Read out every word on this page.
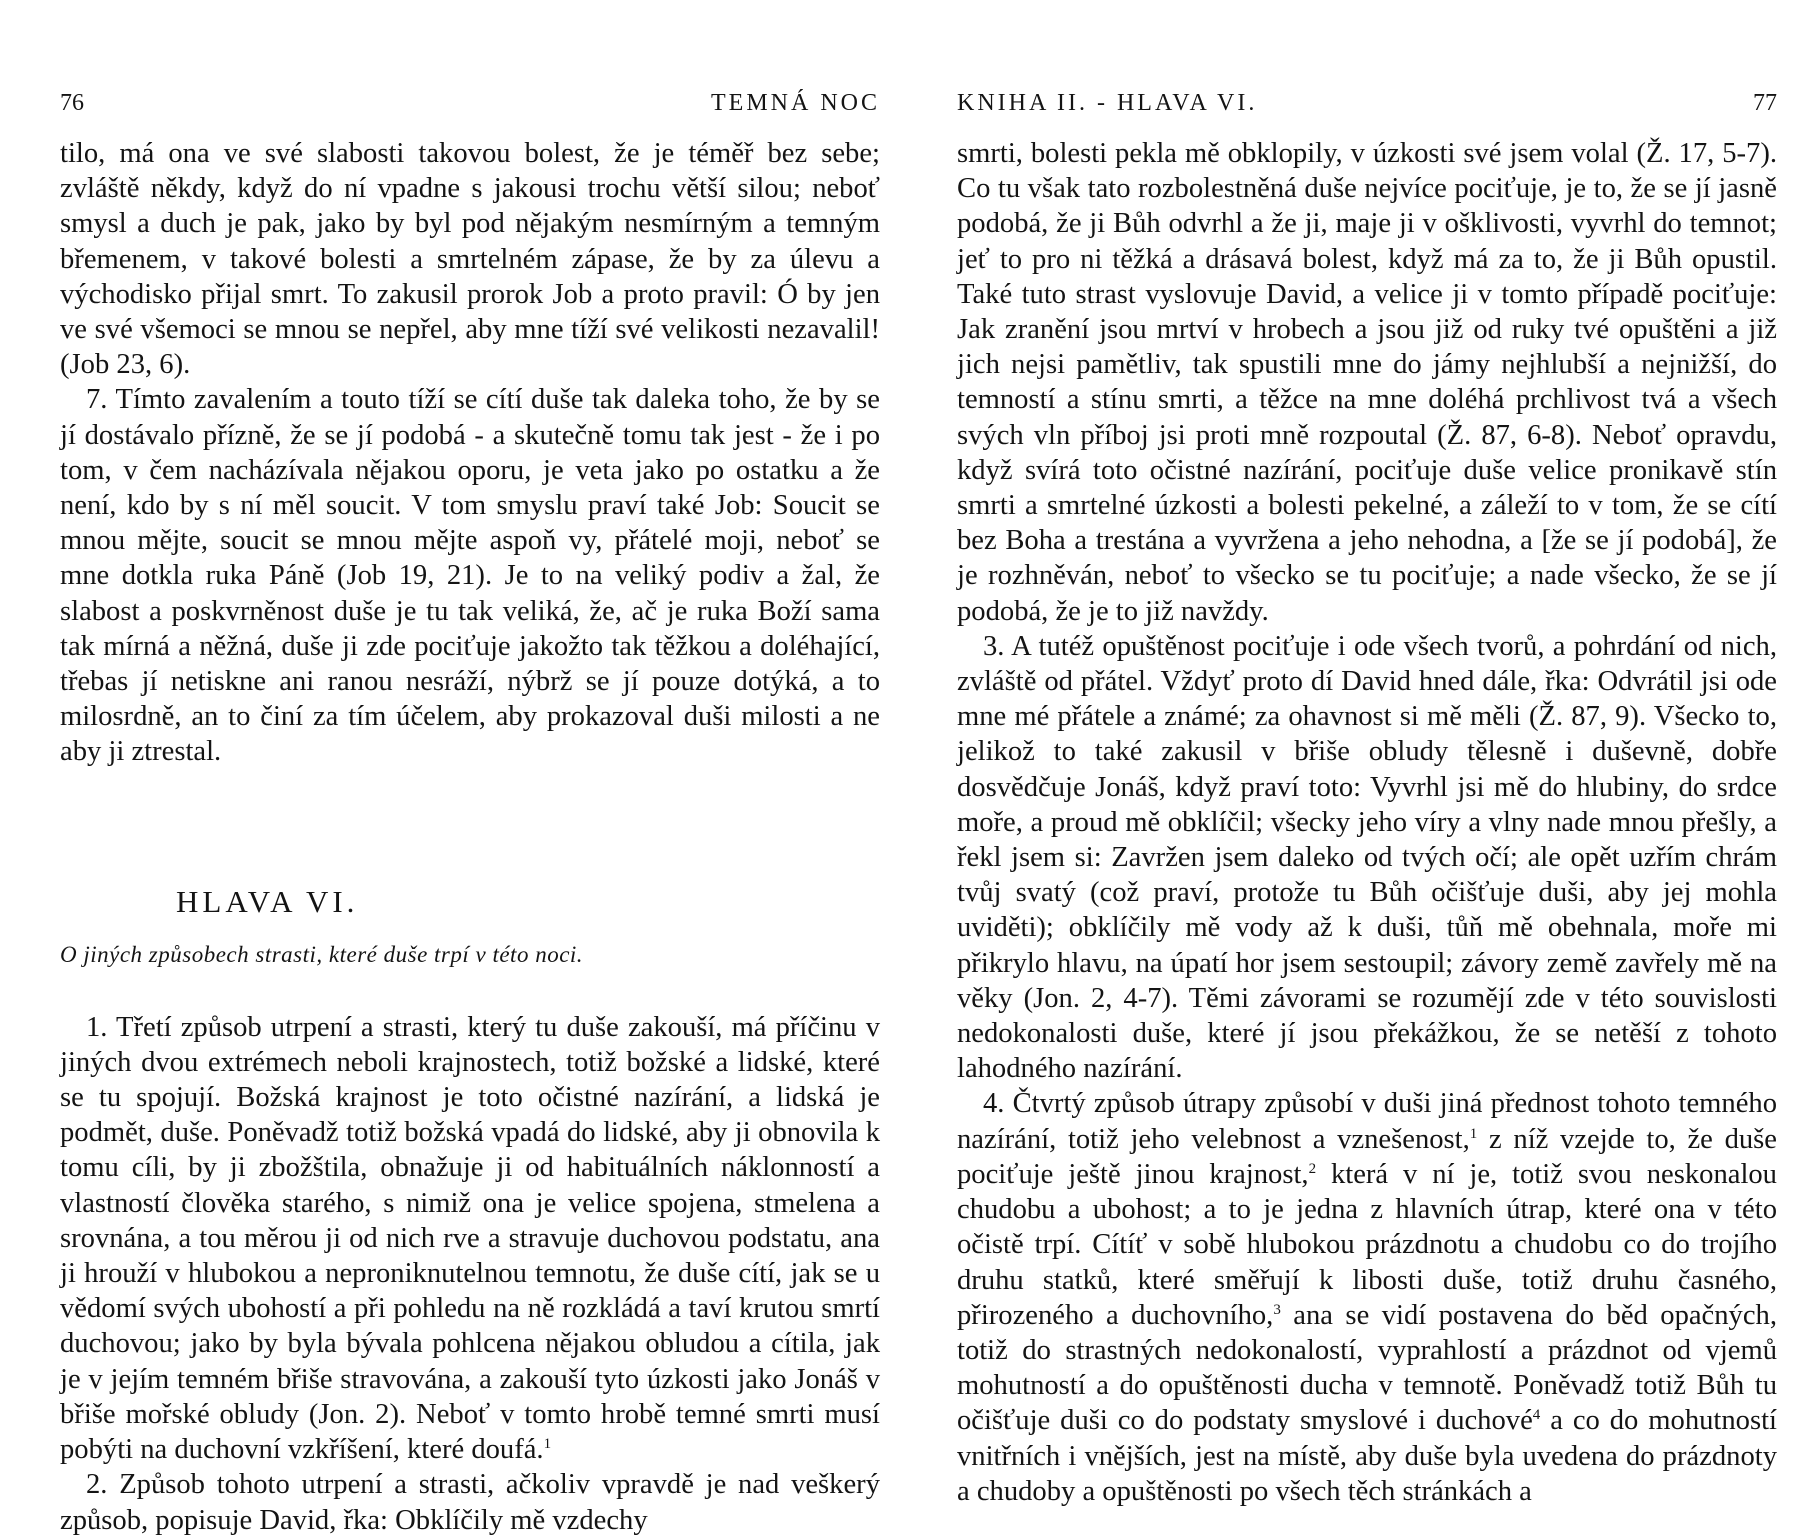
76	TEMNÁ NOC

tilo, má ona ve své slabosti takovou bolest, že je téměř bez sebe; zvláště někdy, když do ní vpadne s jakousi trochu větší silou; neboť smysl a duch je pak, jako by byl pod nějakým nesmírným a temným břemenem, v takové bolesti a smrtelném zápase, že by za úlevu a východisko přijal smrt. To zakusil prorok Job a proto pravil: Ó by jen ve své všemoci se mnou se nepřel, aby mne tíží své velikosti nezavalil! (Job 23, 6).

7. Tímto zavalením a touto tíží se cítí duše tak daleka toho, že by se jí dostávalo přízně, že se jí podobá - a skutečně tomu tak jest - že i po tom, v čem nacházívala nějakou oporu, je veta jako po ostatku a že není, kdo by s ní měl soucit. V tom smyslu praví také Job: Soucit se mnou mějte, soucit se mnou mějte aspoň vy, přátelé moji, neboť se mne dotkla ruka Páně (Job 19, 21). Je to na veliký podiv a žal, že slabost a poskvrněnost duše je tu tak veliká, že, ač je ruka Boží sama tak mírná a něžná, duše ji zde pociťuje jakožto tak těžkou a doléhající, třebas jí netiskne ani ranou nesráží, nýbrž se jí pouze dotýká, a to milosrdně, an to činí za tím účelem, aby prokazoval duši milosti a ne aby ji ztrestal.

HLAVA VI.
O jiných způsobech strasti, které duše trpí v této noci.

1. Třetí způsob utrpení a strasti, který tu duše zakouší, má příčinu v jiných dvou extrémech neboli krajnostech, totiž božské a lidské, které se tu spojují. Božská krajnost je toto očistné nazírání, a lidská je podmět, duše. Poněvadž totiž božská vpadá do lidské, aby ji obnovila k tomu cíli, by ji zbožštila, obnažuje ji od habituálních náklonností a vlastností člověka starého, s nimiž ona je velice spojena, stmelena a srovnána, a tou měrou ji od nich rve a stravuje duchovou podstatu, ana ji hrouží v hlubokou a neproniknutelnou temnotu, že duše cítí, jak se u vědomí svých ubohostí a při pohledu na ně rozkládá a taví krutou smrtí duchovou; jako by byla bývala pohlcena nějakou obludou a cítila, jak je v jejím temném břiše stravována, a zakouší tyto úzkosti jako Jonáš v břiše mořské obludy (Jon. 2). Neboť v tomto hrobě temné smrti musí pobýti na duchovní vzkříšení, které doufá.$^1$

2. Způsob tohoto utrpení a strasti, ačkoliv vpravdě je nad veškerý způsob, popisuje David, řka: Obklíčily mě vzdechy

KNIHA II. - HLAVA VI.	77

smrti, bolesti pekla mě obklopily, v úzkosti své jsem volal (Ž. 17, 5-7). Co tu však tato rozbolestněná duše nejvíce pociťuje, je to, že se jí jasně podobá, že ji Bůh odvrhl a že ji, maje ji v ošklivosti, vyvrhl do temnot; jeť to pro ni těžká a drásavá bolest, když má za to, že ji Bůh opustil. Také tuto strast vyslovuje David, a velice ji v tomto případě pociťuje: Jak zranění jsou mrtví v hrobech a jsou již od ruky tvé opuštěni a již jich nejsi pamětliv, tak spustili mne do jámy nejhlubší a nejnižší, do temností a stínu smrti, a těžce na mne doléhá prchlivost tvá a všech svých vln příboj jsi proti mně rozpoutal (Ž. 87, 6-8). Neboť opravdu, když svírá toto očistné nazírání, pociťuje duše velice pronikavě stín smrti a smrtelné úzkosti a bolesti pekelné, a záleží to v tom, že se cítí bez Boha a trestána a vyvržena a jeho nehodna, a [že se jí podobá], že je rozhněván, neboť to všecko se tu pociťuje; a nade všecko, že se jí podobá, že je to již navždy.

3. A tutéž opuštěnost pociťuje i ode všech tvorů, a pohrdání od nich, zvláště od přátel. Vždyť proto dí David hned dále, řka: Odvrátil jsi ode mne mé přátele a známé; za ohavnost si mě měli (Ž. 87, 9). Všecko to, jelikož to také zakusil v břiše obludy tělesně i duševně, dobře dosvědčuje Jonáš, když praví toto: Vyvrhl jsi mě do hlubiny, do srdce moře, a proud mě obklíčil; všecky jeho víry a vlny nade mnou přešly, a řekl jsem si: Zavržen jsem daleko od tvých očí; ale opět uzřím chrám tvůj svatý (což praví, protože tu Bůh očišťuje duši, aby jej mohla uviděti); obklíčily mě vody až k duši, tůň mě obehnala, moře mi přikrylo hlavu, na úpatí hor jsem sestoupil; závory země zavřely mě na věky (Jon. 2, 4-7). Těmi závorami se rozumějí zde v této souvislosti nedokonalosti duše, které jí jsou překážkou, že se netěší z tohoto lahodného nazírání.

4. Čtvrtý způsob útrapy způsobí v duši jiná přednost tohoto temného nazírání, totiž jeho velebnost a vznešenost,$^1$ z níž vzejde to, že duše pociťuje ještě jinou krajnost,$^2$ která v ní je, totiž svou neskonalou chudobu a ubohost; a to je jedna z hlavních útrap, které ona v této očistě trpí. Cítíť v sobě hlubokou prázdnotu a chudobu co do trojího druhu statků, které směřují k libosti duše, totiž druhu časného, přirozeného a duchovního,$^3$ ana se vidí postavena do běd opačných, totiž do strastných nedokonalostí, vyprahlostí a prázdnot od vjemů mohutností a do opuštěnosti ducha v temnotě. Poněvadž totiž Bůh tu očišťuje duši co do podstaty smyslové i duchové$^4$ a co do mohutností vnitřních i vnějších, jest na místě, aby duše byla uvedena do prázdnoty a chudoby a opuštěnosti po všech těch stránkách a
